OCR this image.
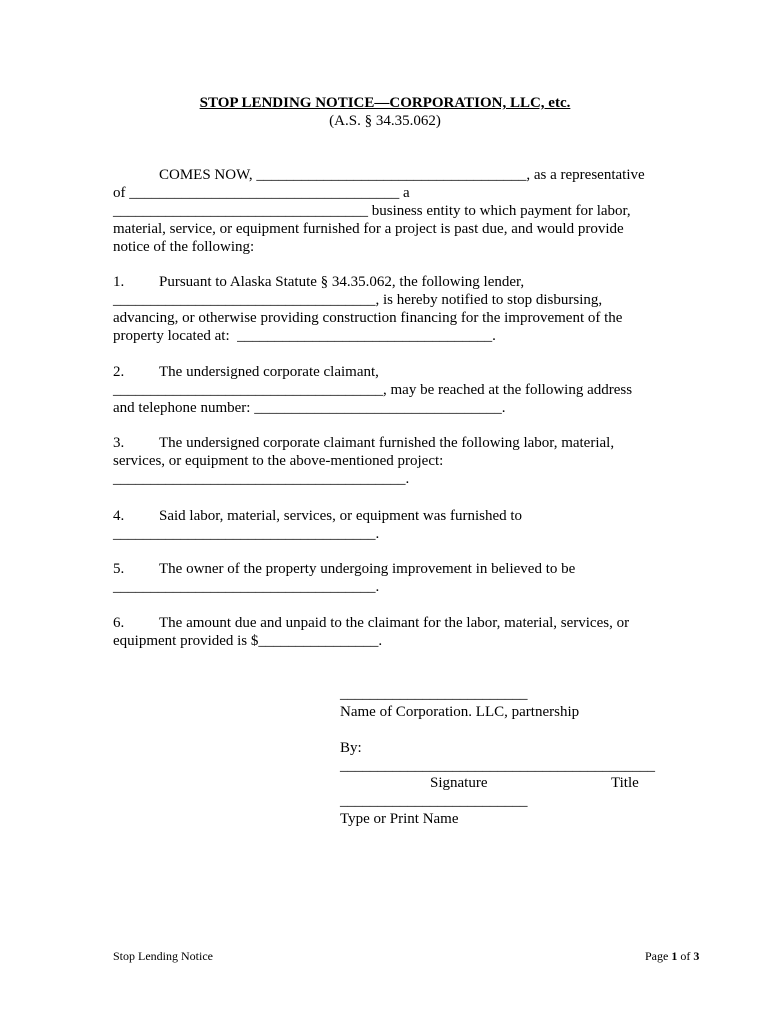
STOP LENDING NOTICE—CORPORATION, LLC, etc.
(A.S. § 34.35.062)
COMES NOW, ____________________________________, as a representative
of ____________________________________ a
__________________________________ business entity to which payment for labor,
material, service, or equipment furnished for a project is past due, and would provide
notice of the following:
1. Pursuant to Alaska Statute § 34.35.062, the following lender,
___________________________________, is hereby notified to stop disbursing,
advancing, or otherwise providing construction financing for the improvement of the
property located at:  __________________________________.
2. The undersigned corporate claimant,
____________________________________, may be reached at the following address
and telephone number: _________________________________.
3. The undersigned corporate claimant furnished the following labor, material,
services, or equipment to the above-mentioned project:
_______________________________________.
4. Said labor, material, services, or equipment was furnished to
___________________________________.
5. The owner of the property undergoing improvement in believed to be
___________________________________.
6. The amount due and unpaid to the claimant for the labor, material, services, or
equipment provided is $________________.
_________________________
Name of Corporation. LLC, partnership
By:
__________________________________________
Signature	Title
_________________________
Type or Print Name
Stop Lending Notice	Page 1 of 3
